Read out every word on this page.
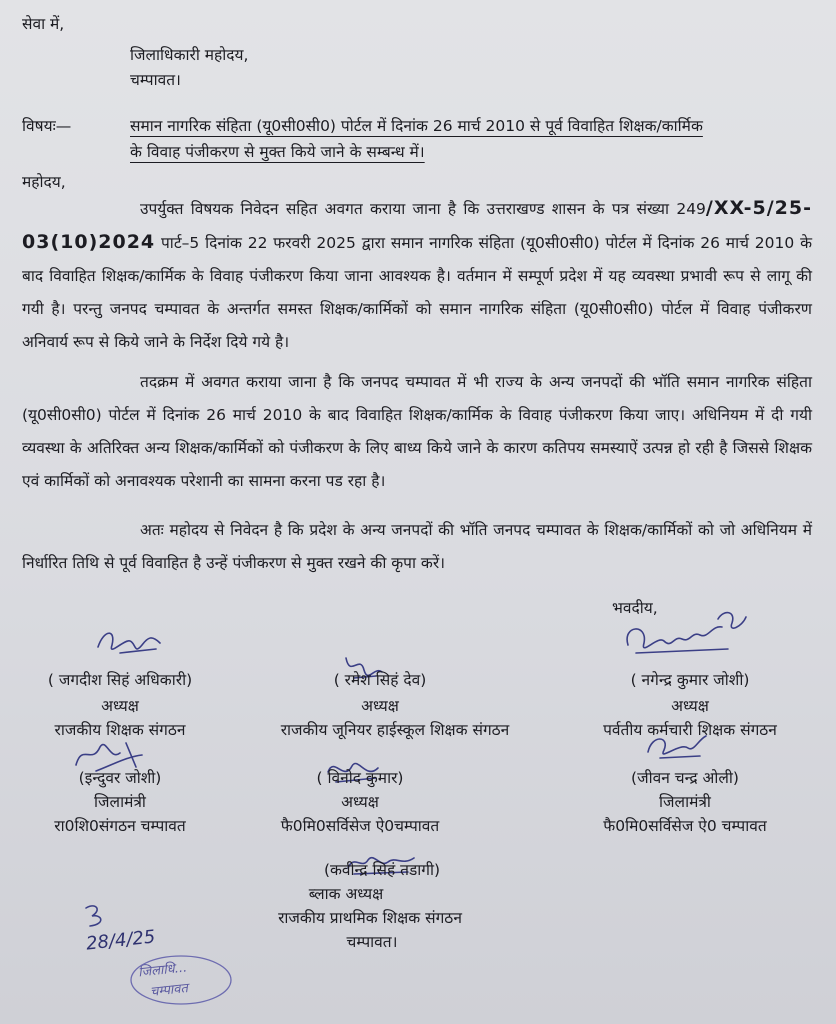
सेवा में,
जिलाधिकारी महोदय,
चम्पावत।
विषयः—	समान नागरिक संहिता (यू0सी0सी0) पोर्टल में दिनांक 26 मार्च 2010 से पूर्व विवाहित शिक्षक/कार्मिक
के विवाह पंजीकरण से मुक्त किये जाने के सम्बन्ध में।
महोदय,
उपर्युक्त विषयक निवेदन सहित अवगत कराया जाना है कि उत्तराखण्ड शासन के पत्र संख्या 249/XX-5/25-03(10)2024 पार्ट–5 दिनांक 22 फरवरी 2025 द्वारा समान नागरिक संहिता (यू0सी0सी0) पोर्टल में दिनांक 26 मार्च 2010 के बाद विवाहित शिक्षक/कार्मिक के विवाह पंजीकरण किया जाना आवश्यक है। वर्तमान में सम्पूर्ण प्रदेश में यह व्यवस्था प्रभावी रूप से लागू की गयी है। परन्तु जनपद चम्पावत के अन्तर्गत समस्त शिक्षक/कार्मिकों को समान नागरिक संहिता (यू0सी0सी0) पोर्टल में विवाह पंजीकरण अनिवार्य रूप से किये जाने के निर्देश दिये गये है।
तदक्रम में अवगत कराया जाना है कि जनपद चम्पावत में भी राज्य के अन्य जनपदों की भॉति समान नागरिक संहिता (यू0सी0सी0) पोर्टल में दिनांक 26 मार्च 2010 के बाद विवाहित शिक्षक/कार्मिक के विवाह पंजीकरण किया जाए। अधिनियम में दी गयी व्यवस्था के अतिरिक्त अन्य शिक्षक/कार्मिकों को पंजीकरण के लिए बाध्य किये जाने के कारण कतिपय समस्याऐं उत्पन्न हो रही है जिससे शिक्षक एवं कार्मिकों को अनावश्यक परेशानी का सामना करना पड रहा है।
अतः महोदय से निवेदन है कि प्रदेश के अन्य जनपदों की भॉति जनपद चम्पावत के शिक्षक/कार्मिकों को जो अधिनियम में निर्धारित तिथि से पूर्व विवाहित है उन्हें पंजीकरण से मुक्त रखने की कृपा करें।
भवदीय,
( जगदीश सिहं अधिकारी)
अध्यक्ष
राजकीय शिक्षक संगठन
( रमेश सिहं देव)
अध्यक्ष
राजकीय जूनियर हाईस्कूल शिक्षक संगठन
( नगेन्द्र कुमार जोशी)
अध्यक्ष
पर्वतीय कर्मचारी शिक्षक संगठन
(इन्दुवर जोशी)
जिलामंत्री
रा0शि0संगठन चम्पावत
( विनोद कुमार)
अध्यक्ष
फै0मि0सर्विसेज ऐ0चम्पावत
(जीवन चन्द्र ओली)
जिलामंत्री
फै0मि0सर्विसेज ऐ0 चम्पावत
(कवीन्द्र सिहं तडागी)
ब्लाक अध्यक्ष
राजकीय प्राथमिक शिक्षक संगठन
चम्पावत।
28/4/25
जिलाधि...
चम्पावत
